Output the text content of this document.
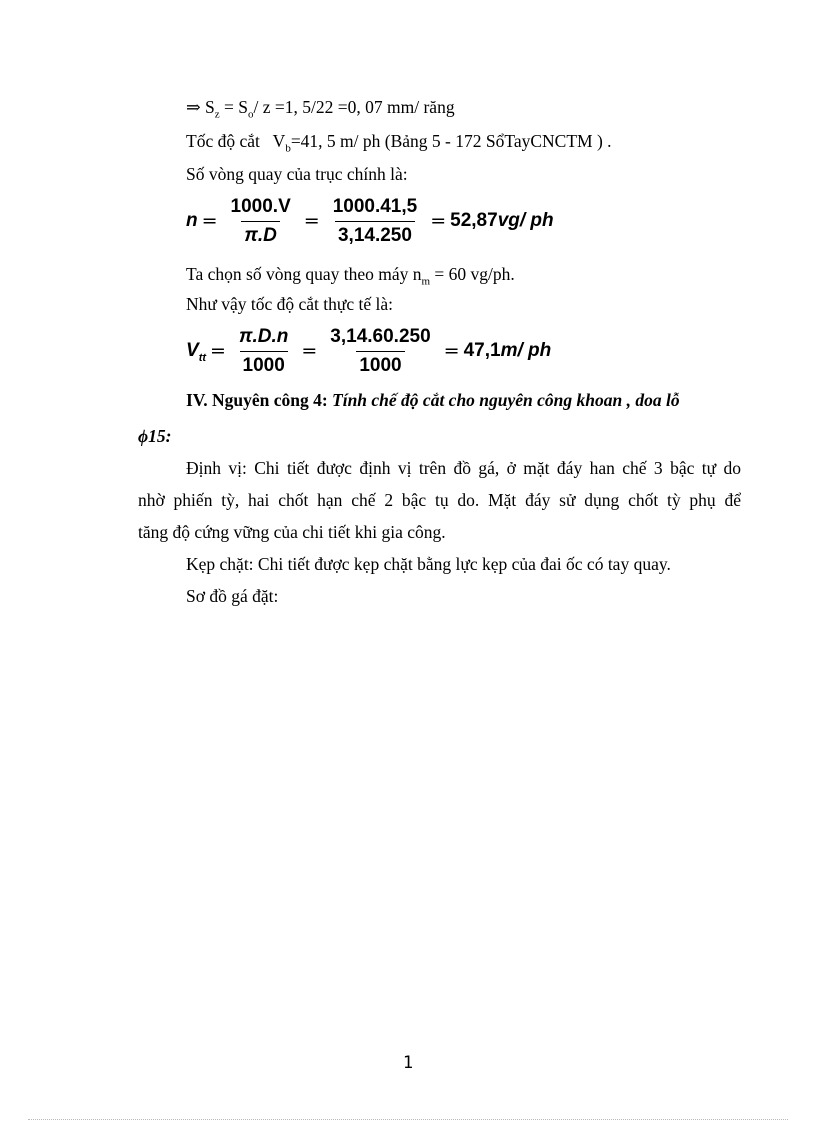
⇒ $S_z = S_o/$ z =1, 5/22 =0, 07 mm/ răng
Tốc độ cắt   $V_b=41$, 5 m/ ph (Bảng 5 - 172 SổTayCNCTM ) .
Số vòng quay của trục chính là:
$n = \frac{1000.V}{\pi.D} = \frac{1000.41,5}{3,14.250} = 52,87$ vg/ ph
Ta chọn số vòng quay theo máy $n_m = 60$ vg/ph.
Như vậy tốc độ cắt thực tế là:
$V_{tt} = \frac{\pi.D.n}{1000} = \frac{3,14.60.250}{1000} = 47,1$ m/ ph
IV. Nguyên công 4: Tính chế độ cắt cho nguyên công khoan , doa lỗ
ϕ15:
Định vị: Chi tiết được định vị trên đồ gá, ở mặt đáy han chế 3 bậc tự do
nhờ phiến tỳ, hai chốt hạn chế 2 bậc tụ do. Mặt đáy sử dụng chốt tỳ phụ để
tăng độ cứng vững của chi tiết khi gia công.
Kẹp chặt: Chi tiết được kẹp chặt bằng lực kẹp của đai ốc có tay quay.
Sơ đồ gá đặt:
1
